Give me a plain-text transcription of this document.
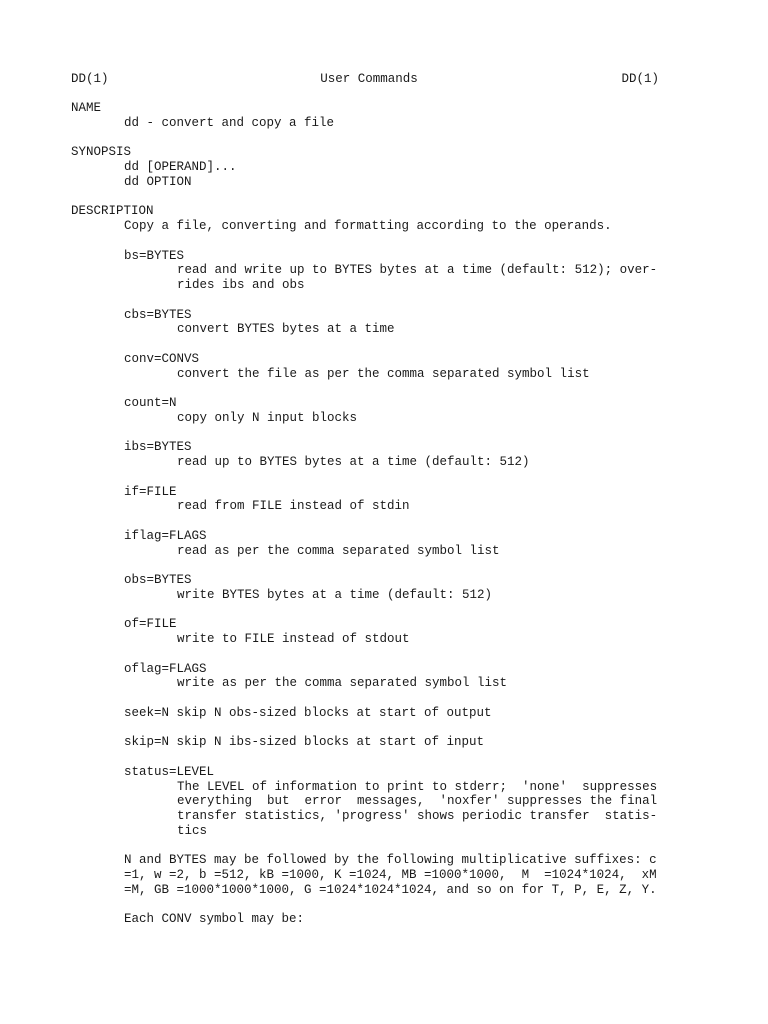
DD(1)	User Commands	DD(1)
NAME
dd - convert and copy a file
SYNOPSIS
dd [OPERAND]...
dd OPTION
DESCRIPTION
Copy a file, converting and formatting according to the operands.
bs=BYTES
read and write up to BYTES bytes at a time (default: 512); over-
rides ibs and obs
cbs=BYTES
convert BYTES bytes at a time
conv=CONVS
convert the file as per the comma separated symbol list
count=N
copy only N input blocks
ibs=BYTES
read up to BYTES bytes at a time (default: 512)
if=FILE
read from FILE instead of stdin
iflag=FLAGS
read as per the comma separated symbol list
obs=BYTES
write BYTES bytes at a time (default: 512)
of=FILE
write to FILE instead of stdout
oflag=FLAGS
write as per the comma separated symbol list
seek=N skip N obs-sized blocks at start of output
skip=N skip N ibs-sized blocks at start of input
status=LEVEL
The LEVEL of information to print to stderr;  'none'  suppresses
everything  but  error  messages,  'noxfer' suppresses the final
transfer statistics, 'progress' shows periodic transfer  statis-
tics
N and BYTES may be followed by the following multiplicative suffixes: c
=1, w =2, b =512, kB =1000, K =1024, MB =1000*1000,  M  =1024*1024,  xM
=M, GB =1000*1000*1000, G =1024*1024*1024, and so on for T, P, E, Z, Y.
Each CONV symbol may be:
